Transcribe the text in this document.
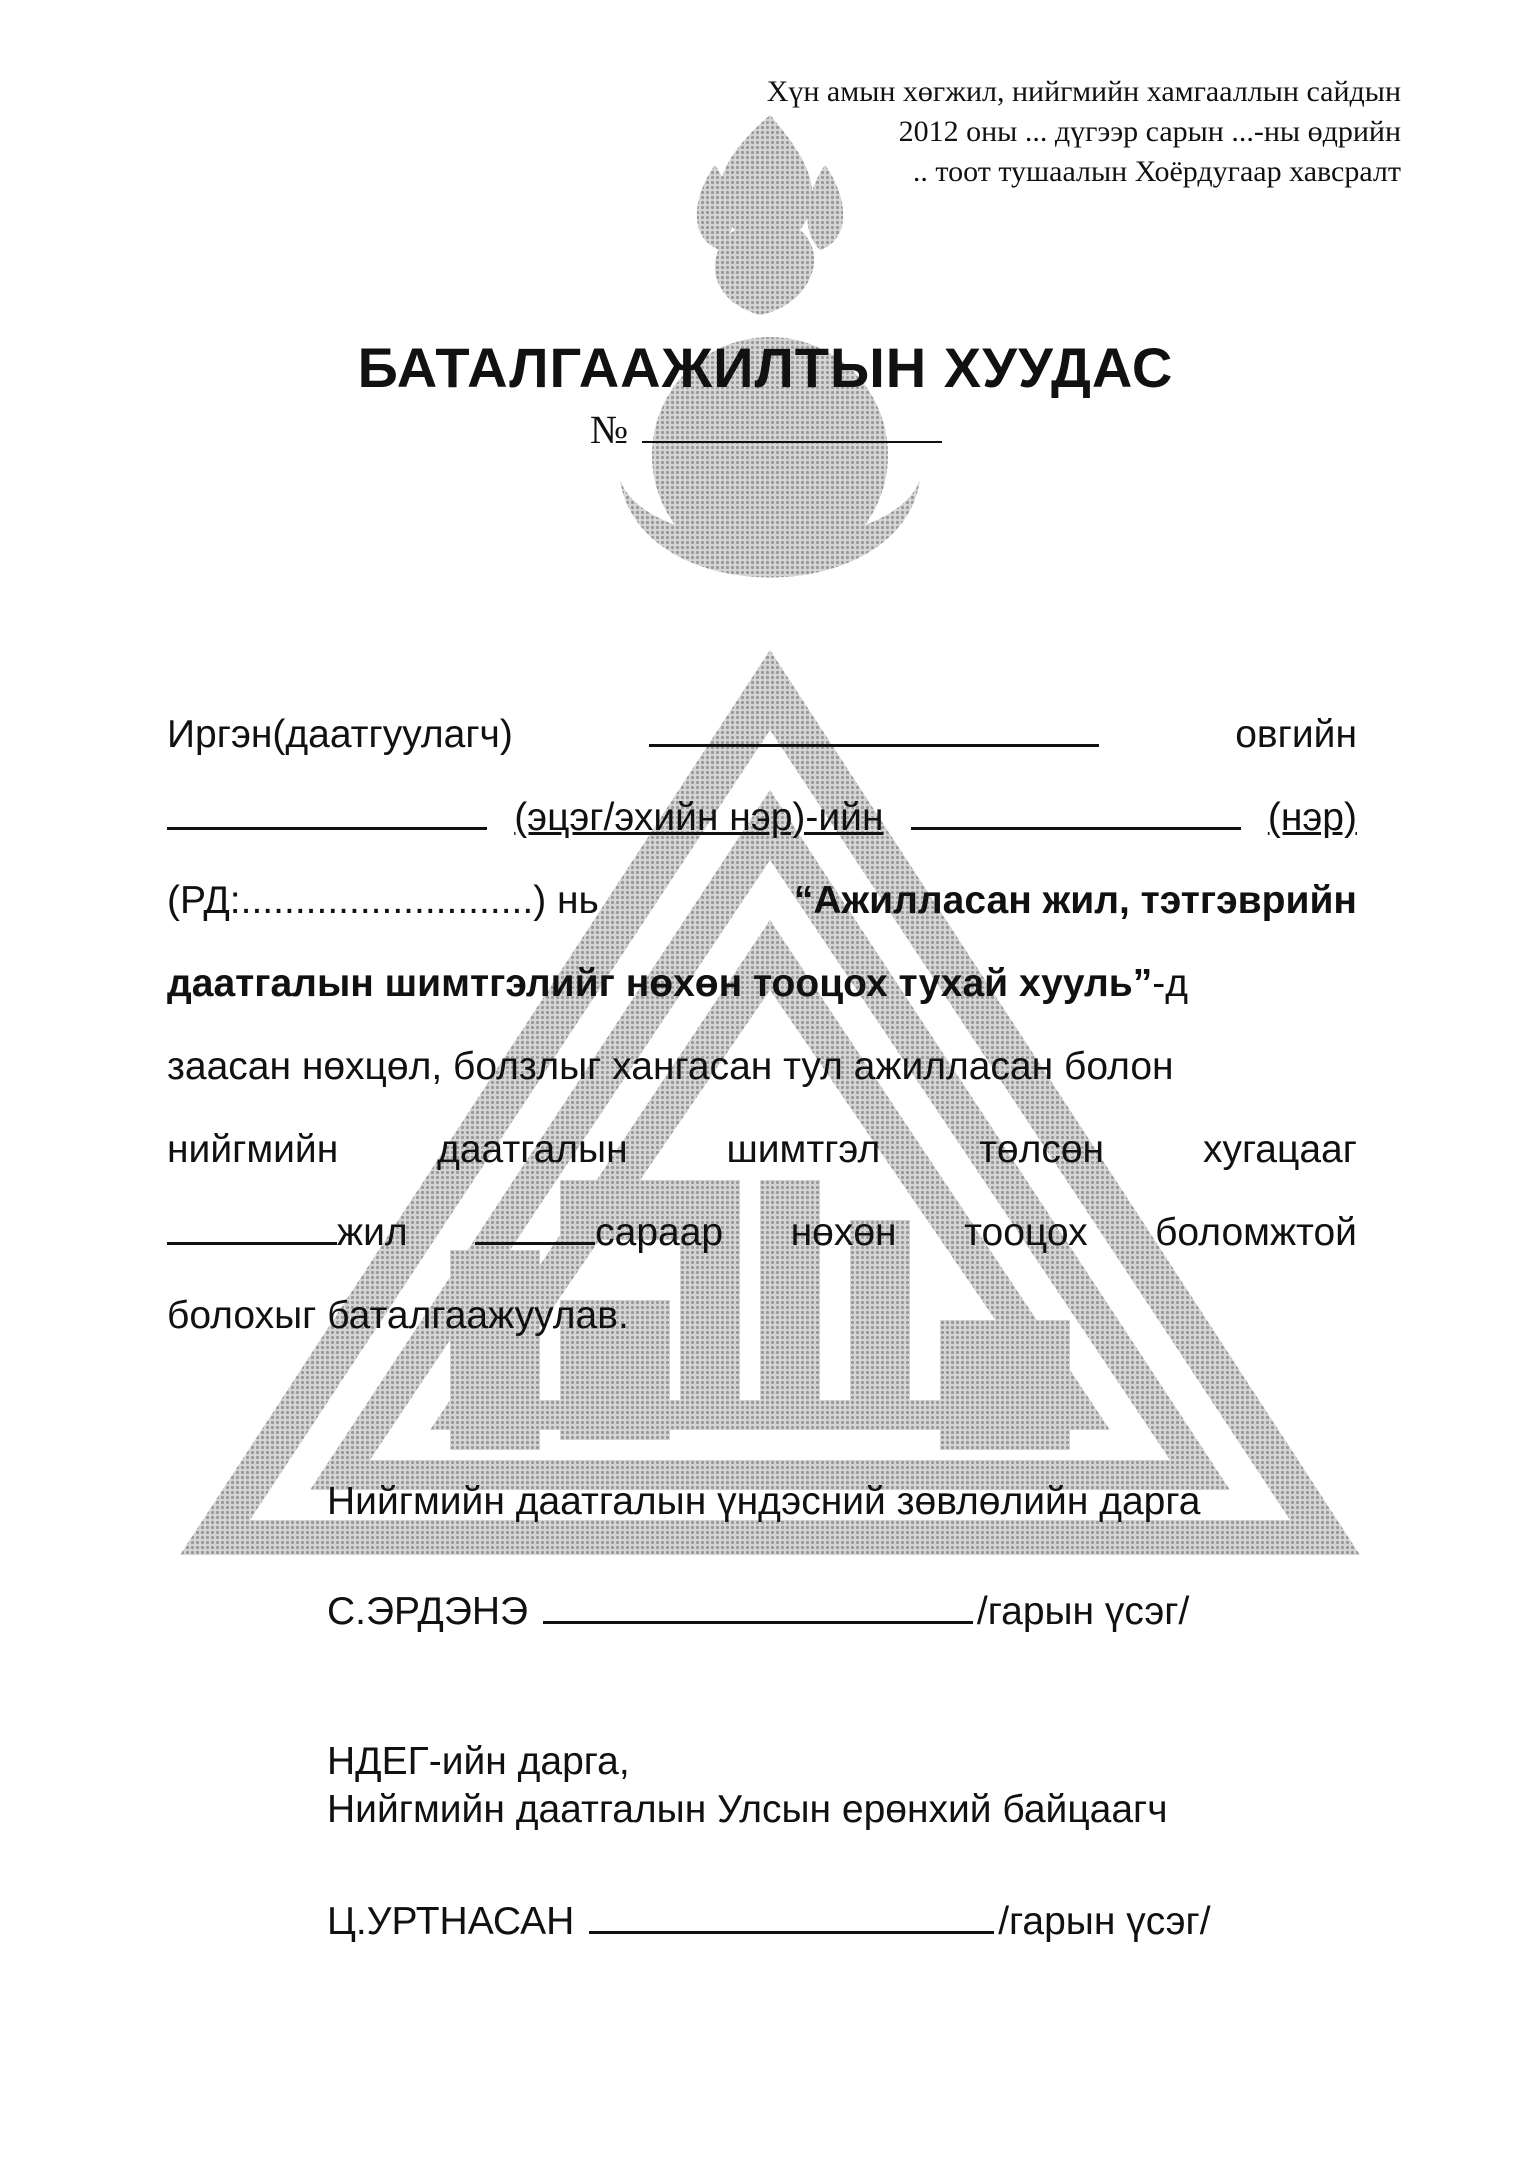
Хүн амын хөгжил, нийгмийн хамгааллын сайдын
2012 оны ... дүгээр сарын ...-ны өдрийн
.. тоот тушаалын Хоёрдугаар хавсралт
БАТАЛГААЖИЛТЫН ХУУДАС
№
Иргэн(даатгуулагч)	овгийн
(эцэг/эхийн нэр)-ийн	(нэр)
(РД:...........................) нь	“Ажилласан жил, тэтгэврийн
даатгалын шимтгэлийг нөхөн тооцох тухай хууль”-д
заасан нөхцөл, болзлыг хангасан тул ажилласан болон
нийгмийн	даатгалын	шимтгэл	төлсөн	хугацааг
жил	сараар нөхөн тооцох боломжтой
болохыг баталгаажуулав.
Нийгмийн даатгалын үндэсний зөвлөлийн дарга
С.ЭРДЭНЭ	/гарын үсэг/
НДЕГ-ийн дарга,
Нийгмийн даатгалын Улсын ерөнхий байцаагч
Ц.УРТНАСАН	/гарын үсэг/
